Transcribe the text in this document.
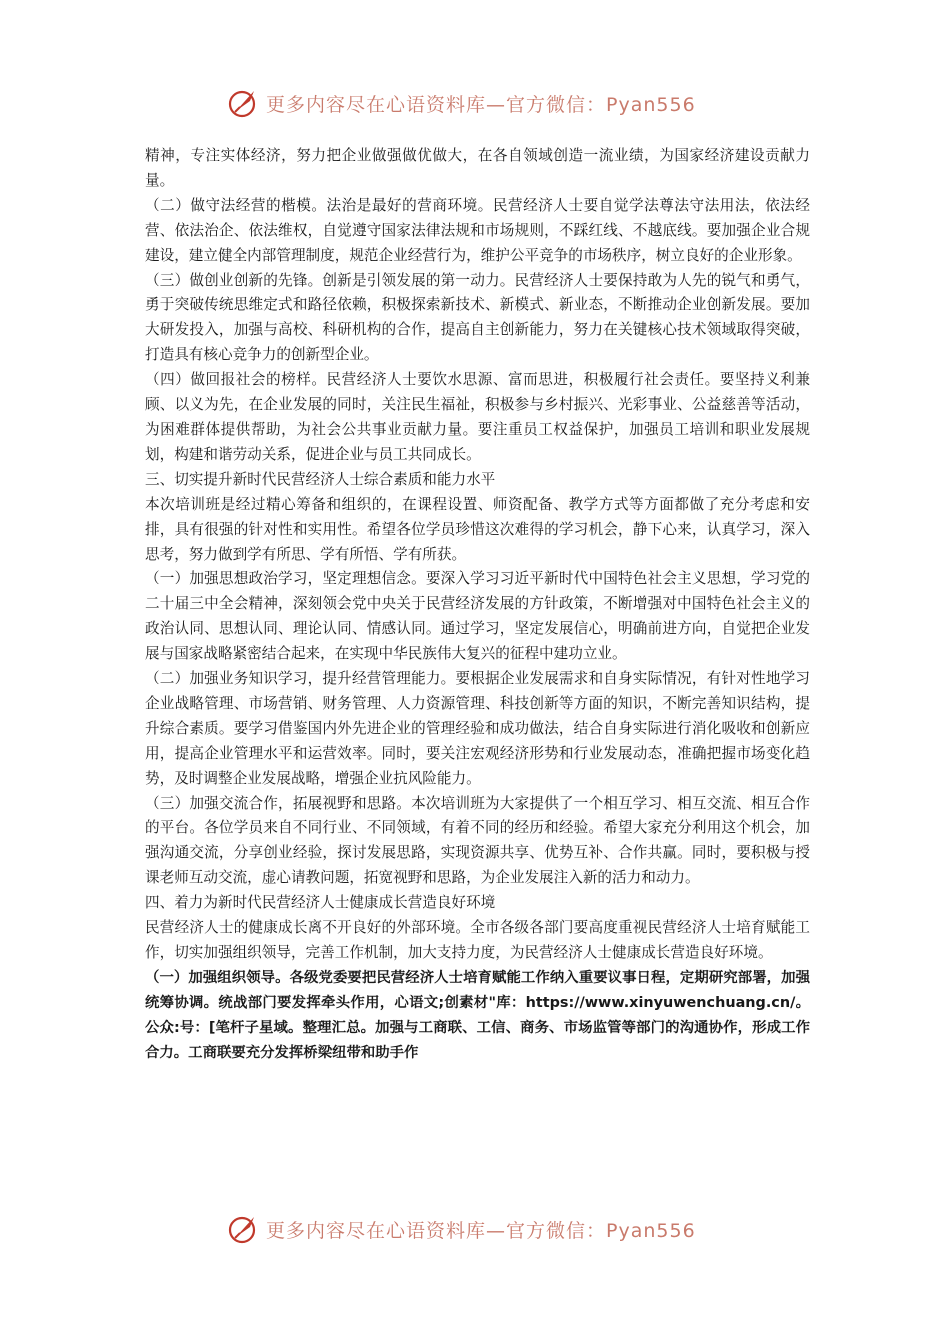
更多内容尽在心语资料库—官方微信：Pyan556

精神，专注实体经济，努力把企业做强做优做大，在各自领域创造一流业绩，为国家经济建设贡献力量。

（二）做守法经营的楷模。法治是最好的营商环境。民营经济人士要自觉学法尊法守法用法，依法经营、依法治企、依法维权，自觉遵守国家法律法规和市场规则，不踩红线、不越底线。要加强企业合规建设，建立健全内部管理制度，规范企业经营行为，维护公平竞争的市场秩序，树立良好的企业形象。

（三）做创业创新的先锋。创新是引领发展的第一动力。民营经济人士要保持敢为人先的锐气和勇气，勇于突破传统思维定式和路径依赖，积极探索新技术、新模式、新业态，不断推动企业创新发展。要加大研发投入，加强与高校、科研机构的合作，提高自主创新能力，努力在关键核心技术领域取得突破，打造具有核心竞争力的创新型企业。

（四）做回报社会的榜样。民营经济人士要饮水思源、富而思进，积极履行社会责任。要坚持义利兼顾、以义为先，在企业发展的同时，关注民生福祉，积极参与乡村振兴、光彩事业、公益慈善等活动，为困难群体提供帮助，为社会公共事业贡献力量。要注重员工权益保护，加强员工培训和职业发展规划，构建和谐劳动关系，促进企业与员工共同成长。

三、切实提升新时代民营经济人士综合素质和能力水平

本次培训班是经过精心筹备和组织的，在课程设置、师资配备、教学方式等方面都做了充分考虑和安排，具有很强的针对性和实用性。希望各位学员珍惜这次难得的学习机会，静下心来，认真学习，深入思考，努力做到学有所思、学有所悟、学有所获。

（一）加强思想政治学习，坚定理想信念。要深入学习习近平新时代中国特色社会主义思想，学习党的二十届三中全会精神，深刻领会党中央关于民营经济发展的方针政策，不断增强对中国特色社会主义的政治认同、思想认同、理论认同、情感认同。通过学习，坚定发展信心，明确前进方向，自觉把企业发展与国家战略紧密结合起来，在实现中华民族伟大复兴的征程中建功立业。

（二）加强业务知识学习，提升经营管理能力。要根据企业发展需求和自身实际情况，有针对性地学习企业战略管理、市场营销、财务管理、人力资源管理、科技创新等方面的知识，不断完善知识结构，提升综合素质。要学习借鉴国内外先进企业的管理经验和成功做法，结合自身实际进行消化吸收和创新应用，提高企业管理水平和运营效率。同时，要关注宏观经济形势和行业发展动态，准确把握市场变化趋势，及时调整企业发展战略，增强企业抗风险能力。

（三）加强交流合作，拓展视野和思路。本次培训班为大家提供了一个相互学习、相互交流、相互合作的平台。各位学员来自不同行业、不同领域，有着不同的经历和经验。希望大家充分利用这个机会，加强沟通交流，分享创业经验，探讨发展思路，实现资源共享、优势互补、合作共赢。同时，要积极与授课老师互动交流，虚心请教问题，拓宽视野和思路，为企业发展注入新的活力和动力。

四、着力为新时代民营经济人士健康成长营造良好环境

民营经济人士的健康成长离不开良好的外部环境。全市各级各部门要高度重视民营经济人士培育赋能工作，切实加强组织领导，完善工作机制，加大支持力度，为民营经济人士健康成长营造良好环境。

（一）加强组织领导。各级党委要把民营经济人士培育赋能工作纳入重要议事日程，定期研究部署，加强统筹协调。统战部门要发挥牵头作用，心语文;创素材"库：https://www.xinyuwenchuang.cn/。公众:号：[笔杆子星域。整理汇总。加强与工商联、工信、商务、市场监管等部门的沟通协作，形成工作合力。工商联要充分发挥桥梁纽带和助手作

更多内容尽在心语资料库—官方微信：Pyan556
